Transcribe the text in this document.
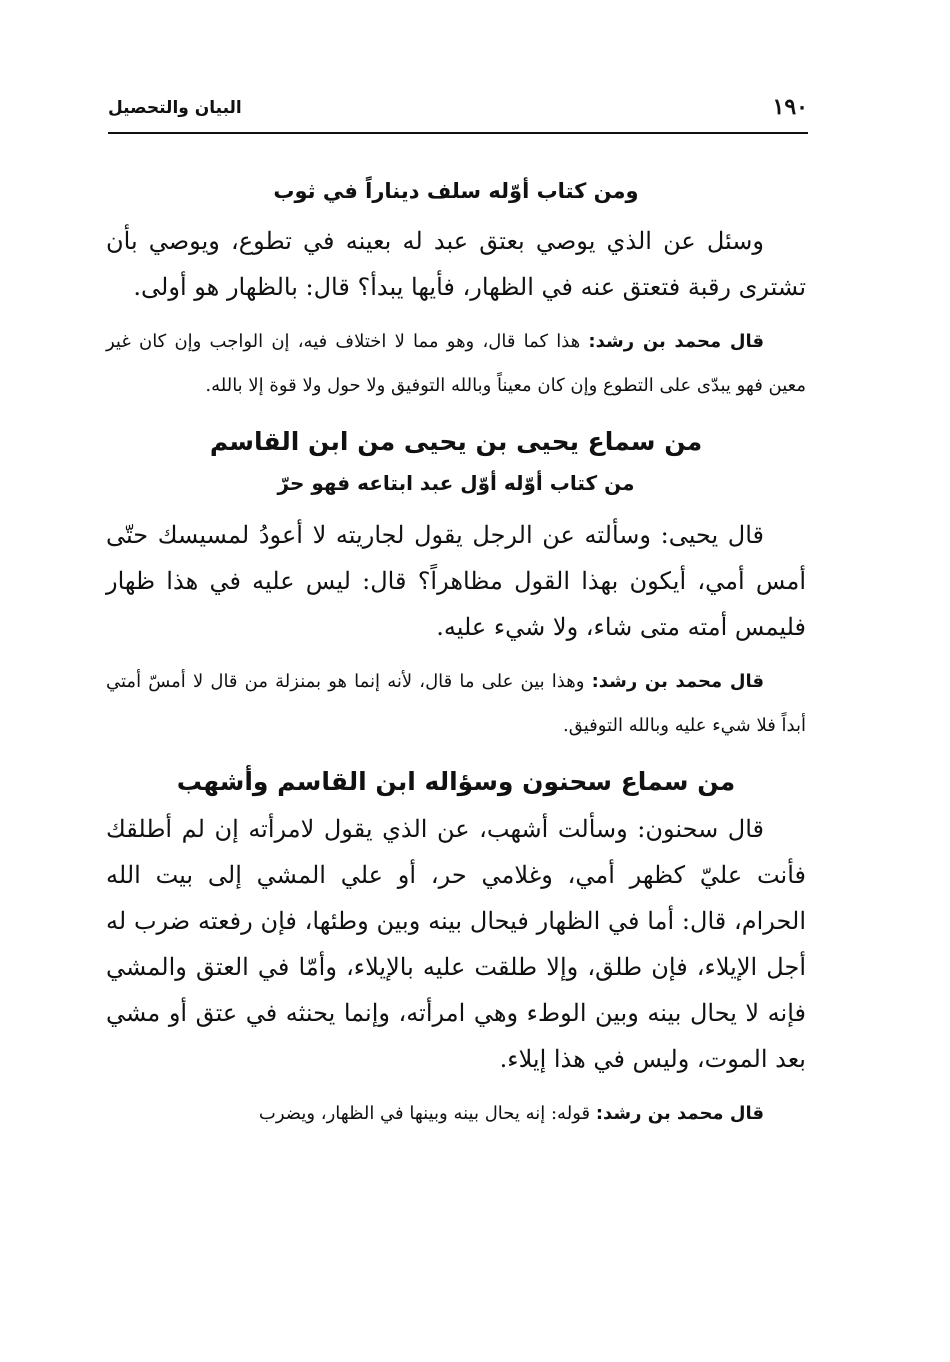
١٩٠
البيان والتحصيل
ومن كتاب أوّله سلف ديناراً في ثوب

وسئل عن الذي يوصي بعتق عبد له بعينه في تطوع، ويوصي بأن تشترى رقبة فتعتق عنه في الظهار، فأيها يبدأ؟ قال: بالظهار هو أولى.

قال محمد بن رشد: هذا كما قال، وهو مما لا اختلاف فيه، إن الواجب وإن كان غير معين فهو يبدّى على التطوع وإن كان معيناً وبالله التوفيق ولا حول ولا قوة إلا بالله.

من سماع يحيى بن يحيى من ابن القاسم
من كتاب أوّله أوّل عبد ابتاعه فهو حرّ

قال يحيى: وسألته عن الرجل يقول لجاريته لا أعودُ لمسيسك حتّى أمس أمي، أيكون بهذا القول مظاهراً؟ قال: ليس عليه في هذا ظهار فليمس أمته متى شاء، ولا شيء عليه.

قال محمد بن رشد: وهذا بين على ما قال، لأنه إنما هو بمنزلة من قال لا أمسّ أمتي أبداً فلا شيء عليه وبالله التوفيق.

من سماع سحنون وسؤاله ابن القاسم وأشهب

قال سحنون: وسألت أشهب، عن الذي يقول لامرأته إن لم أطلقك فأنت عليّ كظهر أمي، وغلامي حر، أو علي المشي إلى بيت الله الحرام، قال: أما في الظهار فيحال بينه وبين وطئها، فإن رفعته ضرب له أجل الإيلاء، فإن طلق، وإلا طلقت عليه بالإيلاء، وأمّا في العتق والمشي فإنه لا يحال بينه وبين الوطء وهي امرأته، وإنما يحنثه في عتق أو مشي بعد الموت، وليس في هذا إيلاء.

قال محمد بن رشد: قوله: إنه يحال بينه وبينها في الظهار، ويضرب
